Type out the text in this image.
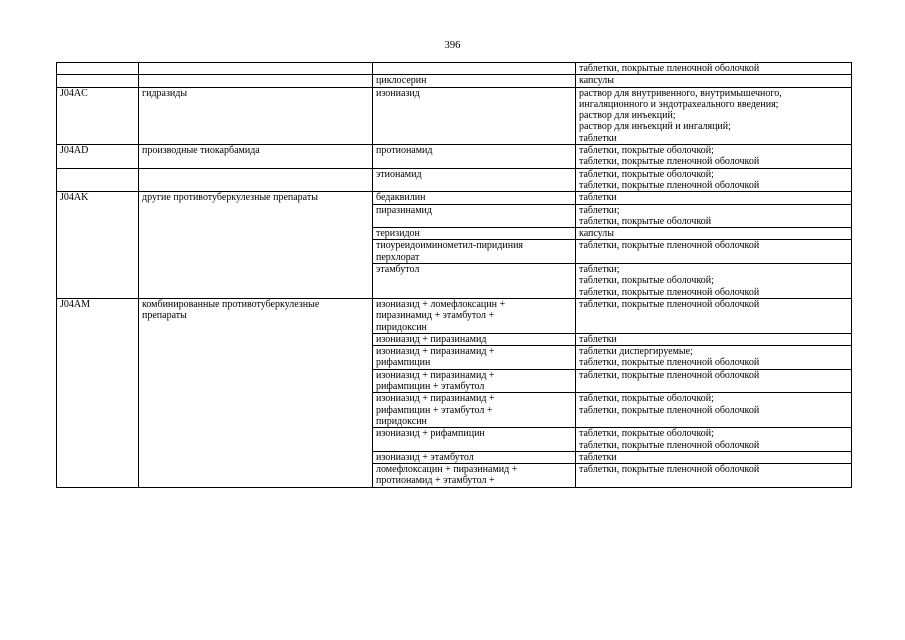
396

			таблетки, покрытые пленочной оболочкой

		циклосерин	капсулы

J04AC	гидразиды	изониазид	раствор для внутривенного, внутримышечного,
ингаляционного и эндотрахеального введения;
раствор для инъекций;
раствор для инъекций и ингаляций;
таблетки

J04AD	производные тиокарбамида	протионамид	таблетки, покрытые оболочкой;
таблетки, покрытые пленочной оболочкой

		этионамид	таблетки, покрытые оболочкой;
таблетки, покрытые пленочной оболочкой

J04AK	другие противотуберкулезные препараты	бедаквилин	таблетки

		пиразинамид	таблетки;
таблетки, покрытые оболочкой

		теризидон	капсулы

		тиоуреидоиминометил-пиридиния
перхлорат	таблетки, покрытые пленочной оболочкой

		этамбутол	таблетки;
таблетки, покрытые оболочкой;
таблетки, покрытые пленочной оболочкой

J04AM	комбинированные противотуберкулезные
препараты	изониазид + ломефлоксацин +
пиразинамид + этамбутол +
пиридоксин	таблетки, покрытые пленочной оболочкой

		изониазид + пиразинамид	таблетки

		изониазид + пиразинамид +
рифампицин	таблетки диспергируемые;
таблетки, покрытые пленочной оболочкой

		изониазид + пиразинамид +
рифампицин + этамбутол	таблетки, покрытые пленочной оболочкой

		изониазид + пиразинамид +
рифампицин + этамбутол +
пиридоксин	таблетки, покрытые оболочкой;
таблетки, покрытые пленочной оболочкой

		изониазид + рифампицин	таблетки, покрытые оболочкой;
таблетки, покрытые пленочной оболочкой

		изониазид + этамбутол	таблетки

		ломефлоксацин + пиразинамид +
протионамид + этамбутол +	таблетки, покрытые пленочной оболочкой
